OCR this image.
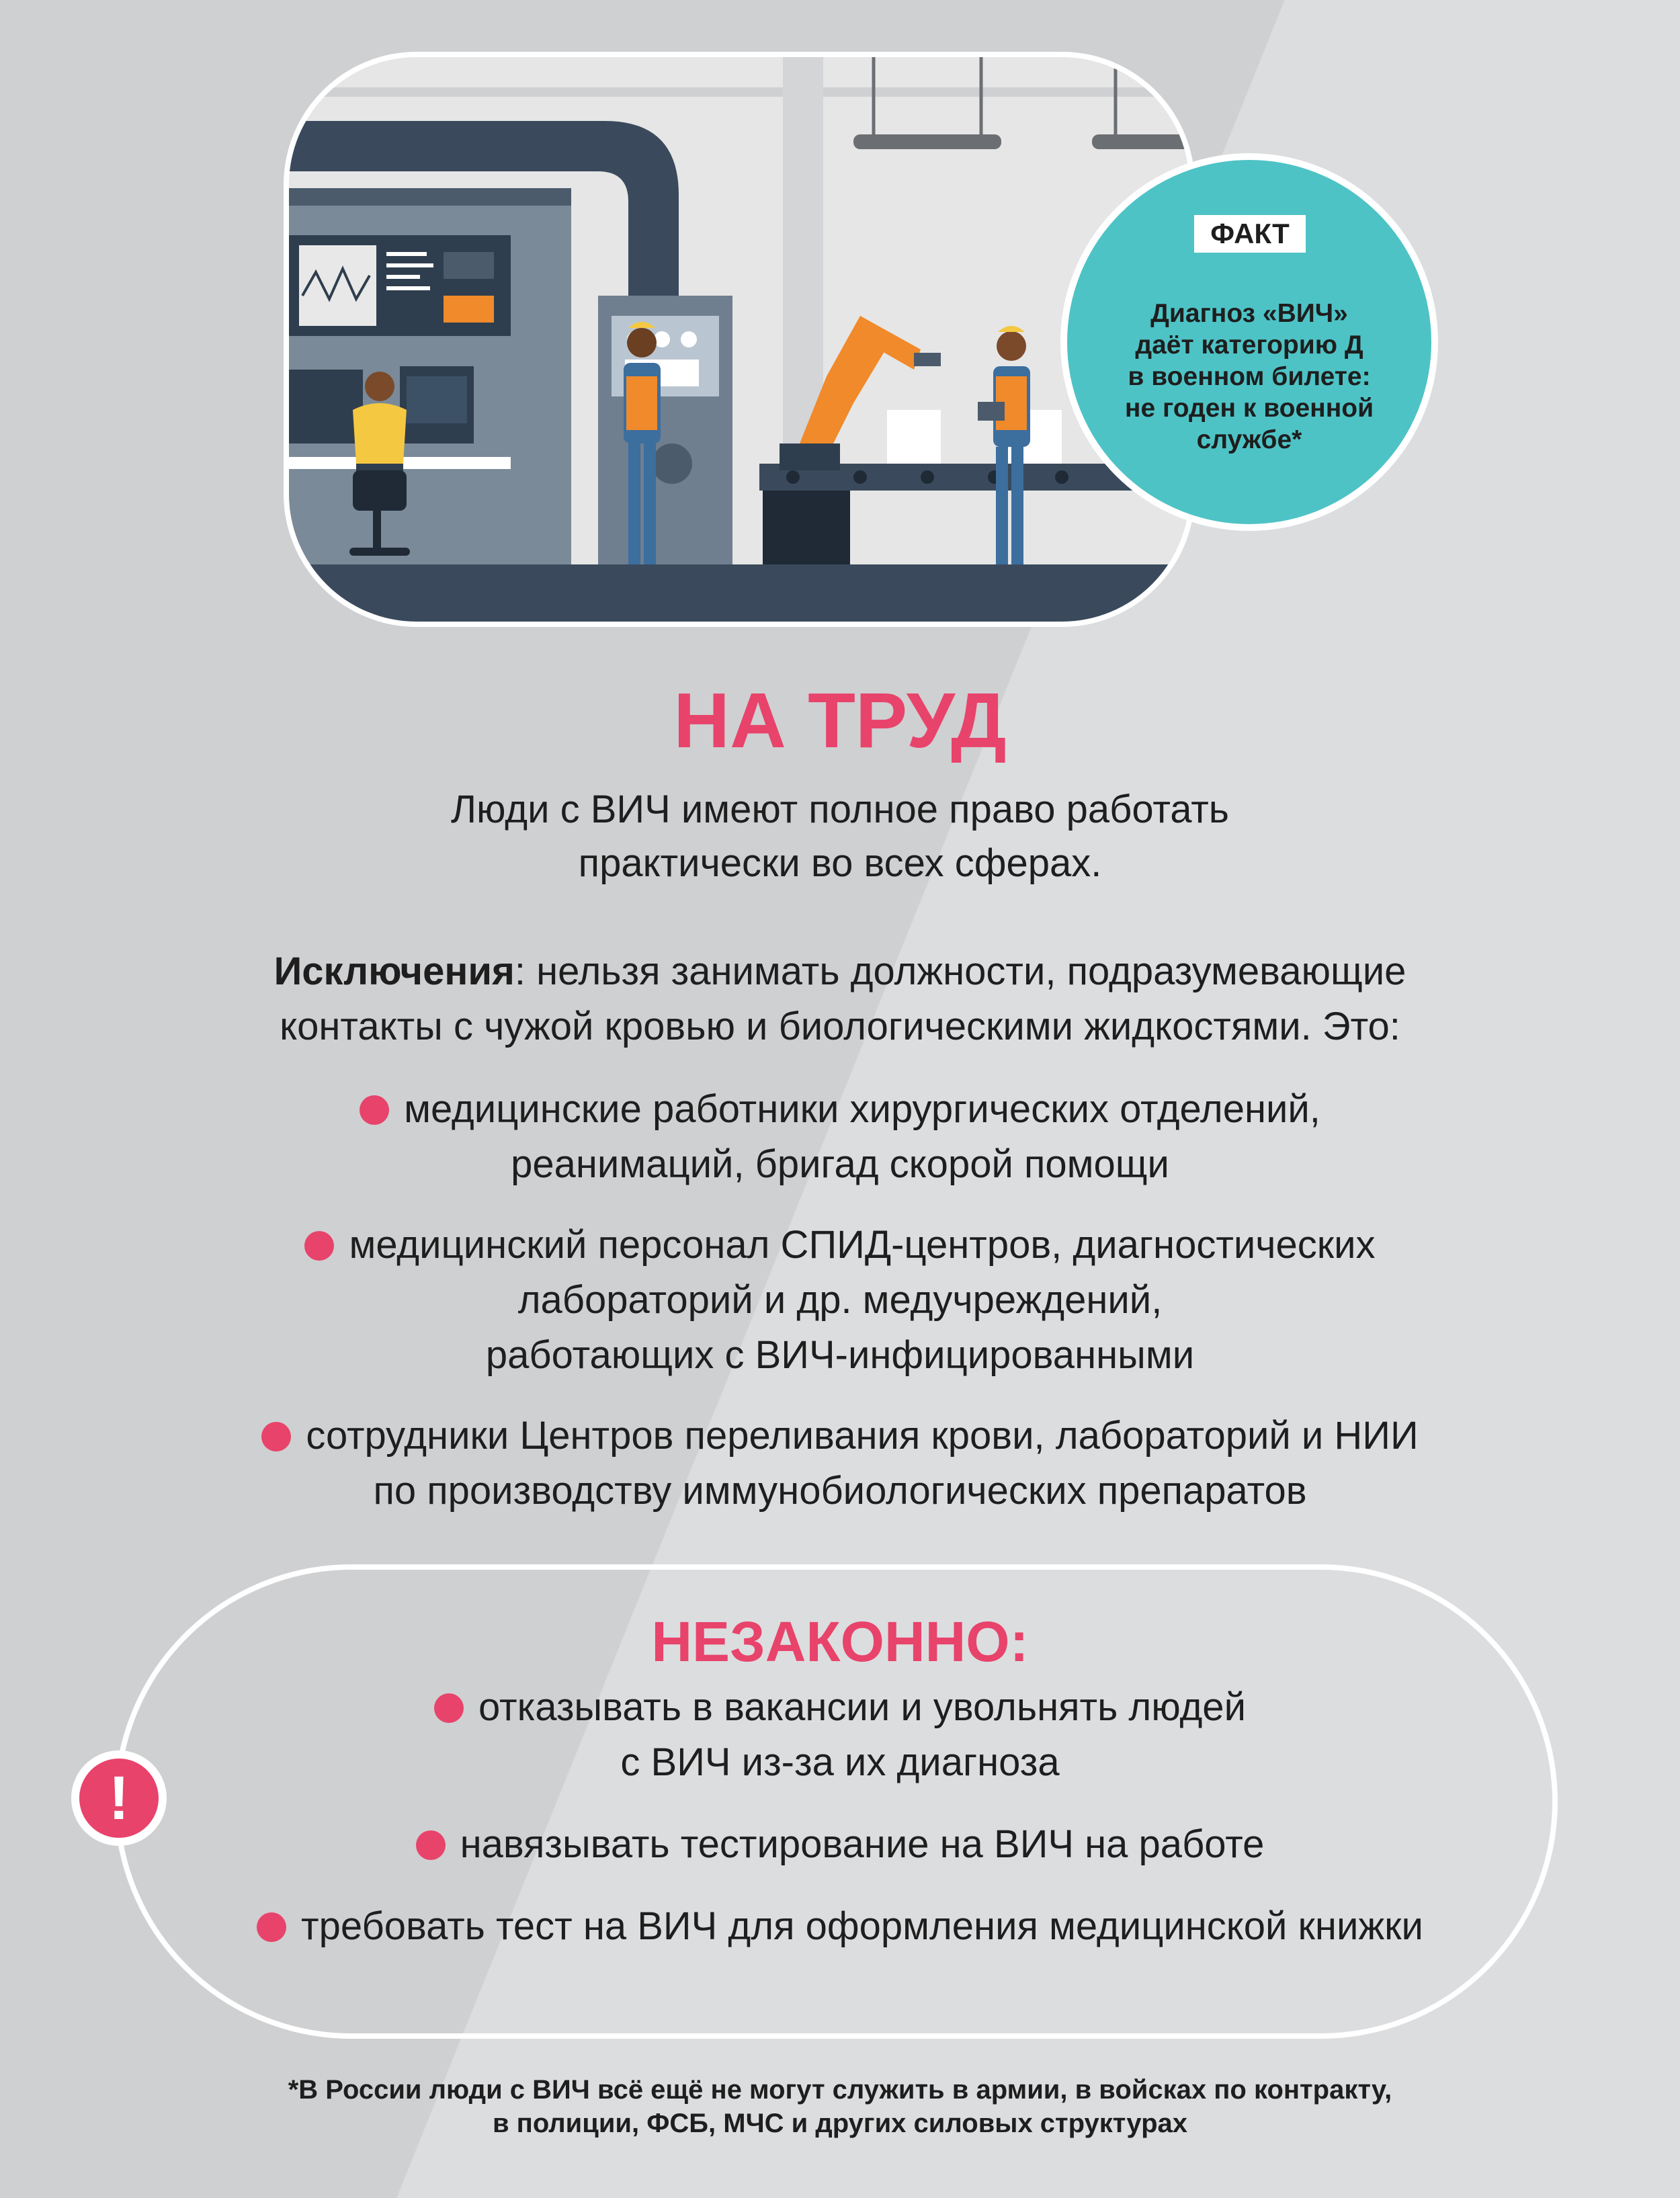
ФАКТ
Диагноз «ВИЧ»
даёт категорию Д
в военном билете:
не годен к военной
службе*
НА ТРУД
Люди с ВИЧ имеют полное право работать
практически во всех сферах.
Исключения: нельзя занимать должности, подразумевающие
контакты с чужой кровью и биологическими жидкостями. Это:
медицинские работники хирургических отделений,
реанимаций, бригад скорой помощи
медицинский персонал СПИД-центров, диагностических
лабораторий и др. медучреждений,
работающих с ВИЧ-инфицированными
сотрудники Центров переливания крови, лабораторий и НИИ
по производству иммунобиологических препаратов
!
НЕЗАКОННО:
отказывать в вакансии и увольнять людей
с ВИЧ из-за их диагноза
навязывать тестирование на ВИЧ на работе
требовать тест на ВИЧ для оформления медицинской книжки
*В России люди с ВИЧ всё ещё не могут служить в армии, в войсках по контракту,
в полиции, ФСБ, МЧС и других силовых структурах
